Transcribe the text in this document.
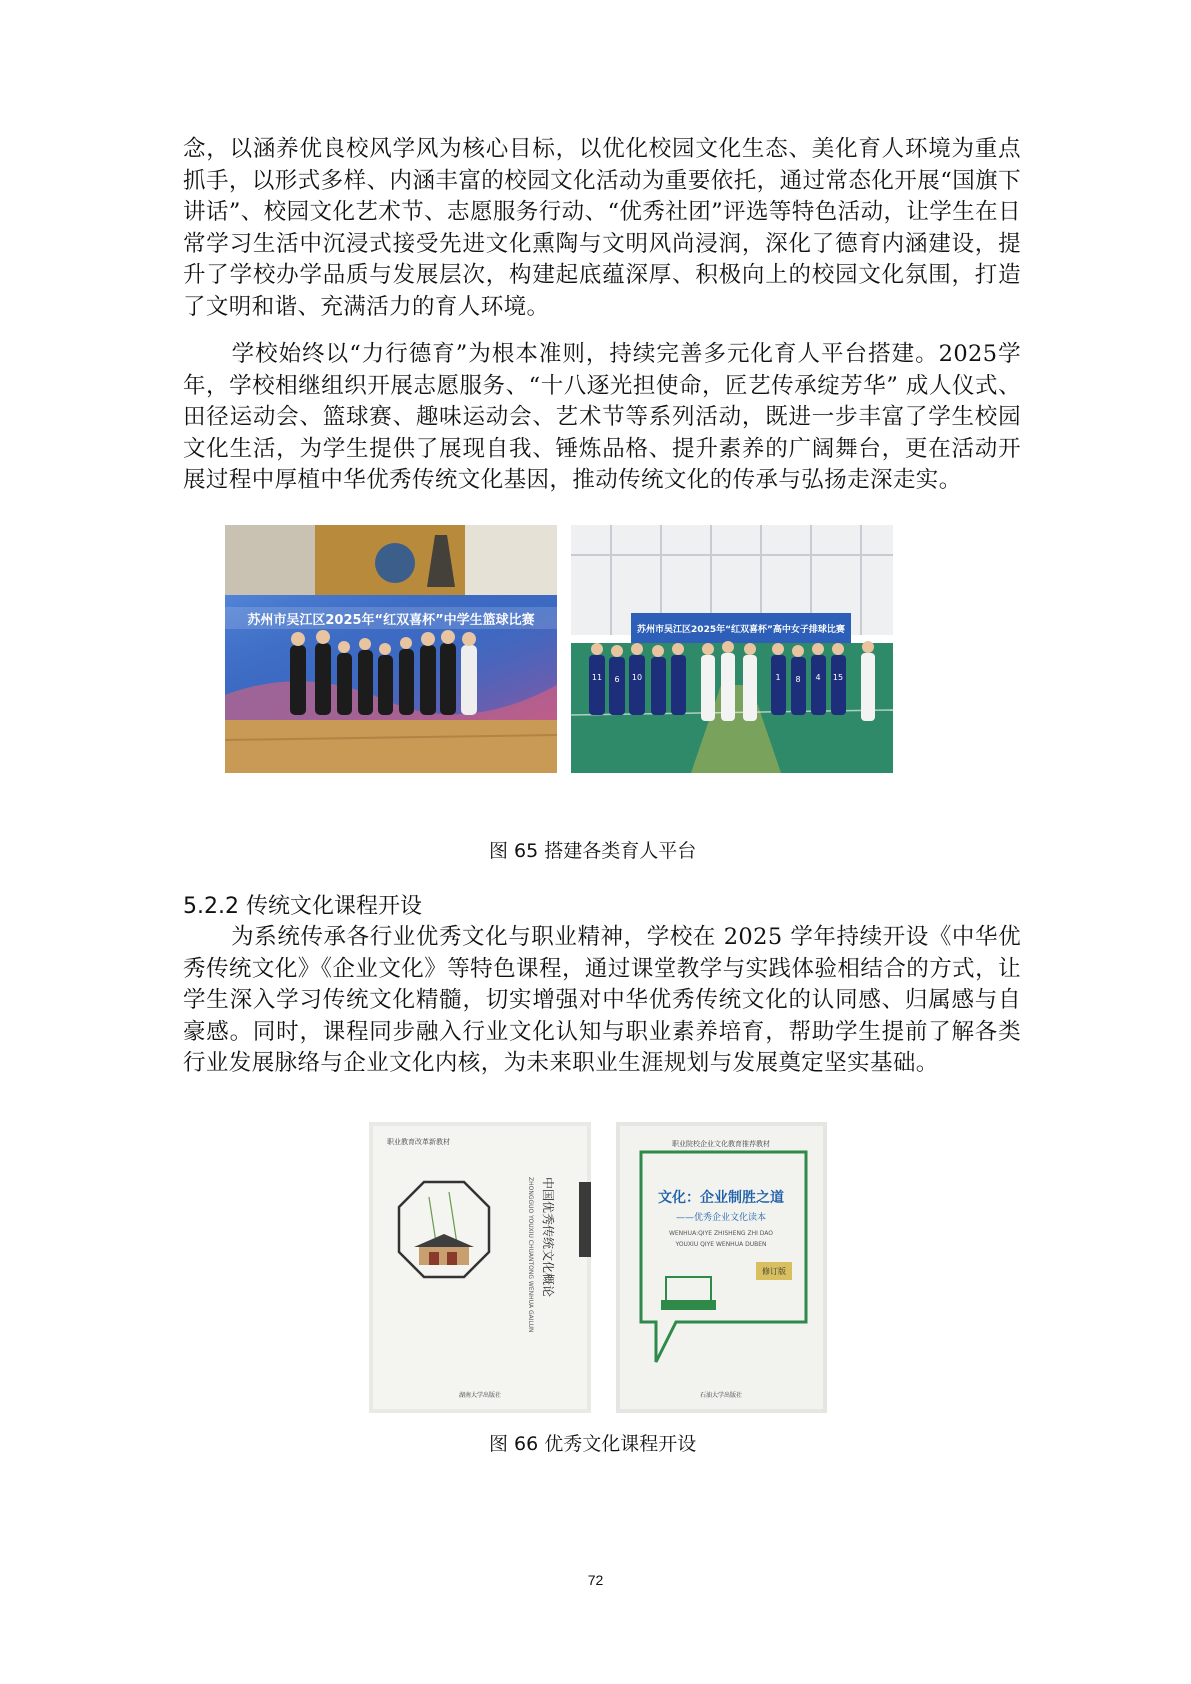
念，以涵养优良校风学风为核心目标，以优化校园文化生态、美化育人环境为重点抓手，以形式多样、内涵丰富的校园文化活动为重要依托，通过常态化开展“国旗下讲话”、校园文化艺术节、志愿服务行动、“优秀社团”评选等特色活动，让学生在日常学习生活中沉浸式接受先进文化熏陶与文明风尚浸润，深化了德育内涵建设，提升了学校办学品质与发展层次，构建起底蕴深厚、积极向上的校园文化氛围，打造了文明和谐、充满活力的育人环境。

学校始终以“力行德育”为根本准则，持续完善多元化育人平台搭建。2025学年，学校相继组织开展志愿服务、“十八逐光担使命，匠艺传承绽芳华” 成人仪式、田径运动会、篮球赛、趣味运动会、艺术节等系列活动，既进一步丰富了学生校园文化生活，为学生提供了展现自我、锤炼品格、提升素养的广阔舞台，更在活动开展过程中厚植中华优秀传统文化基因，推动传统文化的传承与弘扬走深走实。

苏州市吴江区2025年“红双喜杯”中学生篮球比赛
苏州市吴江区2025年“红双喜杯”高中女子排球比赛
11 6 10	1 8 4 15
图 65 搭建各类育人平台
5.2.2 传统文化课程开设

为系统传承各行业优秀文化与职业精神，学校在 2025 学年持续开设《中华优秀传统文化》《企业文化》等特色课程，通过课堂教学与实践体验相结合的方式，让学生深入学习传统文化精髓，切实增强对中华优秀传统文化的认同感、归属感与自豪感。同时，课程同步融入行业文化认知与职业素养培育，帮助学生提前了解各类行业发展脉络与企业文化内核，为未来职业生涯规划与发展奠定坚实基础。

职业教育改革新教材
中国优秀传统文化概论
ZHONGGUO YOUXIU CHUANTONG WENHUA GAILUN
湖南大学出版社
职业院校企业文化教育推荐教材
文化：企业制胜之道
——优秀企业文化读本
WENHUA:QIYE ZHISHENG ZHI DAO
YOUXIU QIYE WENHUA DUBEN
修订版
石油大学出版社
图 66 优秀文化课程开设
72
